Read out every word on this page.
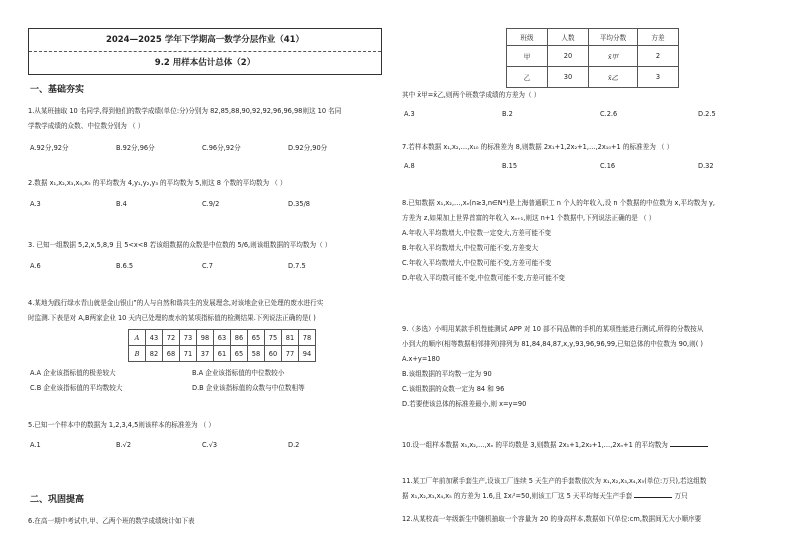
2024—2025 学年下学期高一数学分层作业（41）
9.2 用样本估计总体（2）
一、基础夯实
1.从某班抽取 10 名同学,得到他们的数学成绩(单位:分)分别为 82,85,88,90,92,92,96,96,98则这 10 名同
学数学成绩的众数、中位数分别为 （ ）
A.92分,92分	B.92分,96分	C.96分,92分	D.92分,90分
2.数据 x₁,x₂,x₃,x₄,x₅ 的平均数为 4,y₁,y₂,y₃ 的平均数为 5,则这 8 个数的平均数为 （ ）
A.3	B.4	C.9/2	D.35/8
3. 已知一组数据 5,2,x,5,8,9 且 5<x<8 若该组数据的众数是中位数的 5/6,则该组数据的平均数为（ ）
A.6	B.6.5	C.7	D.7.5
4.某地为践行绿水青山就是金山银山”的人与自然和谐共生的发展理念,对该地企业已处理的废水进行实
时监测.下表是对 A,B两家企业 10 天内已处理的废水的某项指标值的检测结果.下列说法正确的是( )
A	43	72	73	98	63	86	65	75	81	78
B	82	68	71	37	61	65	58	60	77	94
A.A 企业该指标值的极差较大	B.A 企业该指标值的中位数较小
C.B 企业该指标值的平均数较大	D.B 企业该指标值的众数与中位数相等
5.已知一个样本中的数据为 1,2,3,4,5则该样本的标准差为 （ ）
A.1	B.√2	C.√3	D.2
二、巩固提高
6.在高一期中考试中,甲、乙两个班的数学成绩统计如下表
班级	人数	平均分数	方差
甲	20	x̄甲	2
乙	30	x̄乙	3
其中 x̄甲=x̄乙,则两个班数学成绩的方差为（ ）
A.3	B.2	C.2.6	D.2.5
7.若样本数据 x₁,x₂,…,x₁₀ 的标准差为 8,则数据 2x₁+1,2x₂+1,…,2x₁₀+1 的标准差为 （ ）
A.8	B.15	C.16	D.32
8.已知数据 x₁,x₂,…,xₙ(n≥3,n∈N*)是上海普通职工 n 个人的年收入,设 n 个数据的中位数为 x,平均数为 y,
方差为 z,如果加上世界首富的年收入 xₙ₊₁,则这 n+1 个数据中,下列说法正确的是 （ ）
A.年收入平均数增大,中位数一定变大,方差可能不变
B.年收入平均数增大,中位数可能不变,方差变大
C.年收入平均数增大,中位数可能不变,方差可能不变
D.年收入平均数可能不变,中位数可能不变,方差可能不变
9.（多选）小明用某款手机性能测试 APP 对 10 部不同品牌的手机的某项性能进行测试,所得的分数按从
小到大的顺序(相等数据相邻排列)排列为 81,84,84,87,x,y,93,96,96,99,已知总体的中位数为 90,则( )
A.x+y=180
B.该组数据的平均数一定为 90
C.该组数据的众数一定为 84 和 96
D.若要使该总体的标准差最小,则 x=y=90
10.设一组样本数据 x₁,x₂,…,xₙ 的平均数是 3,则数据 2x₁+1,2x₂+1,…,2xₙ+1 的平均数为
11.某工厂年前加紧手套生产,设该工厂连续 5 天生产的手套数依次为 x₁,x₂,x₃,x₄,x₅(单位:万只),若这组数
据 x₁,x₂,x₃,x₄,x₅ 的方差为 1.6,且 Σxᵢ²=50,则该工厂这 5 天平均每天生产手套	万只
12.从某校高一年级新生中随机抽取一个容量为 20 的身高样本,数据如下(单位:cm,数据间无大小顺序要
